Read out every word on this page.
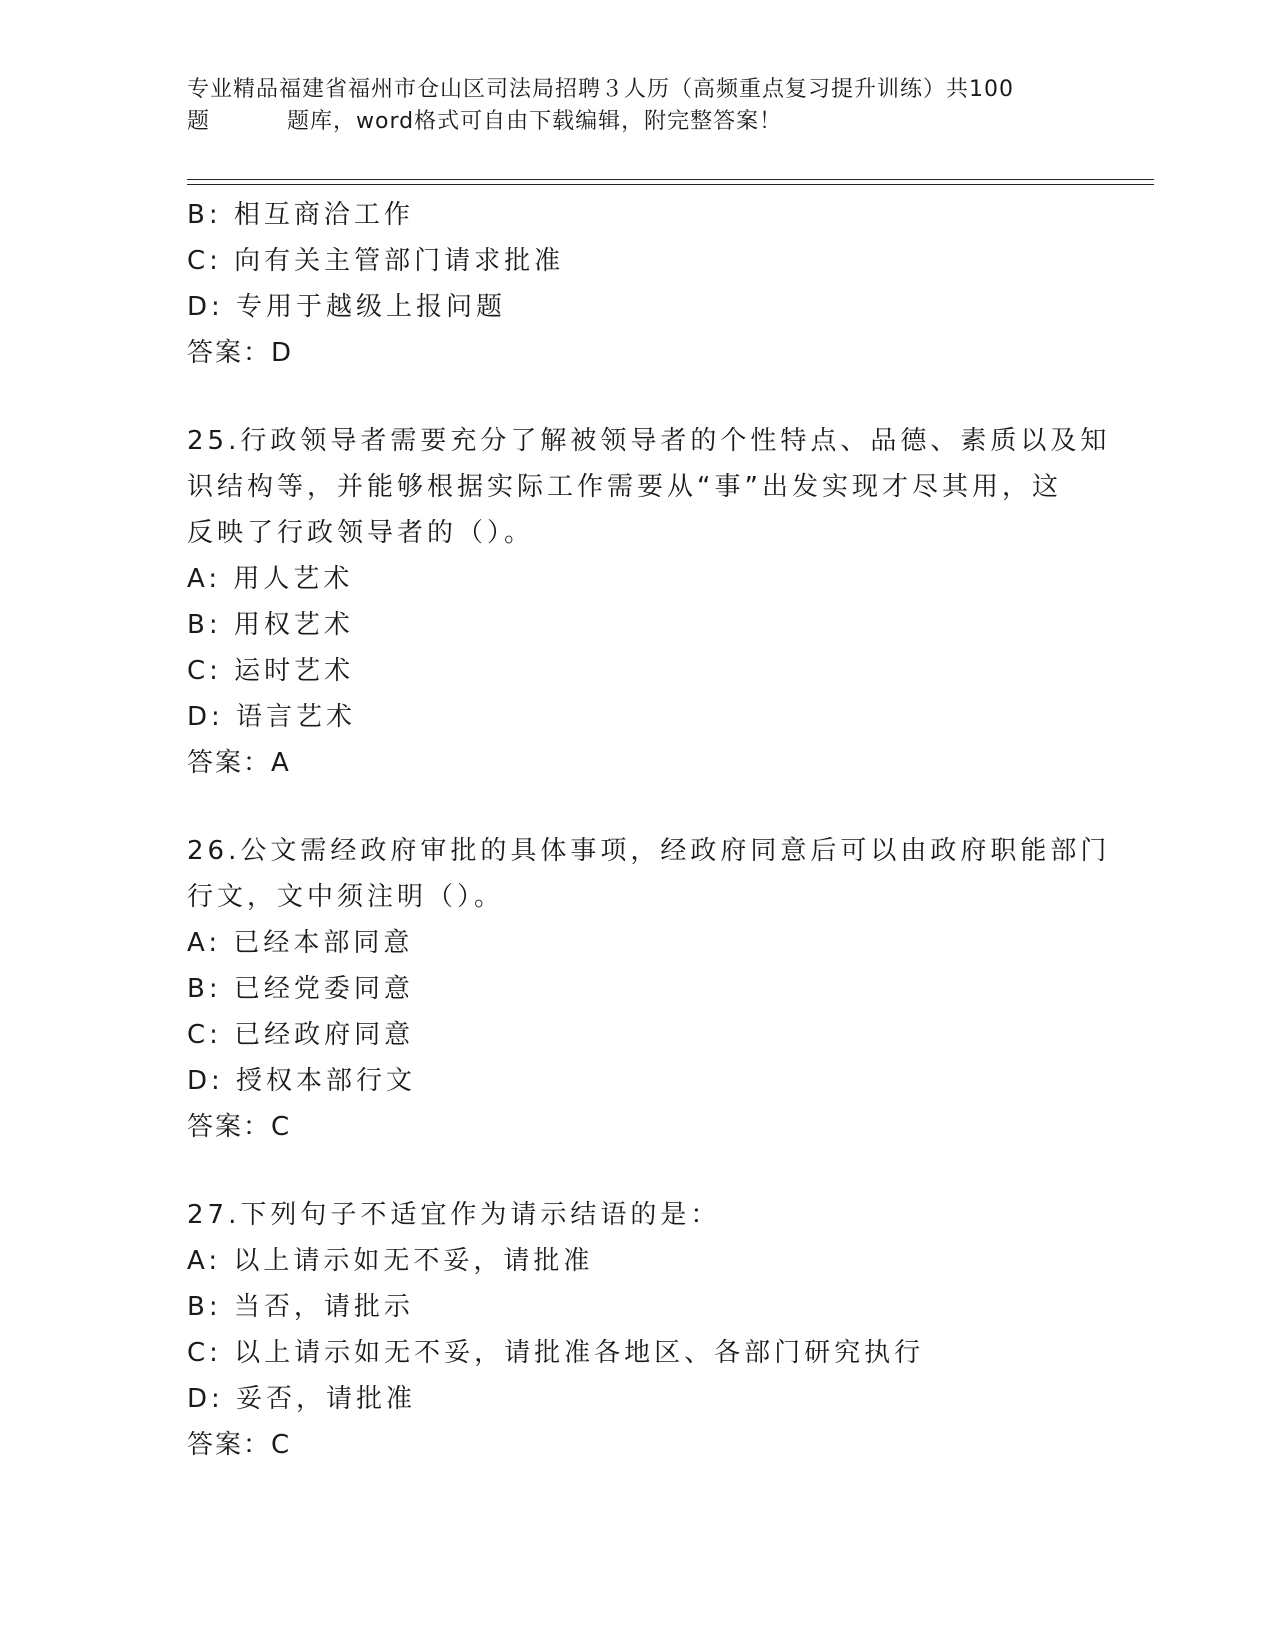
专业精品福建省福州市仓山区司法局招聘３人历（高频重点复习提升训练）共100
题	题库，word格式可自由下载编辑，附完整答案！
B: 相互商洽工作
C: 向有关主管部门请求批准
D: 专用于越级上报问题
答案：D
25.行政领导者需要充分了解被领导者的个性特点、品德、素质以及知
识结构等，并能够根据实际工作需要从“事”出发实现才尽其用，这
反映了行政领导者的（）。
A: 用人艺术
B: 用权艺术
C: 运时艺术
D: 语言艺术
答案：A
26.公文需经政府审批的具体事项，经政府同意后可以由政府职能部门
行文，文中须注明（）。
A: 已经本部同意
B: 已经党委同意
C: 已经政府同意
D: 授权本部行文
答案：C
27.下列句子不适宜作为请示结语的是：
A: 以上请示如无不妥，请批准
B: 当否，请批示
C: 以上请示如无不妥，请批准各地区、各部门研究执行
D: 妥否，请批准
答案：C
